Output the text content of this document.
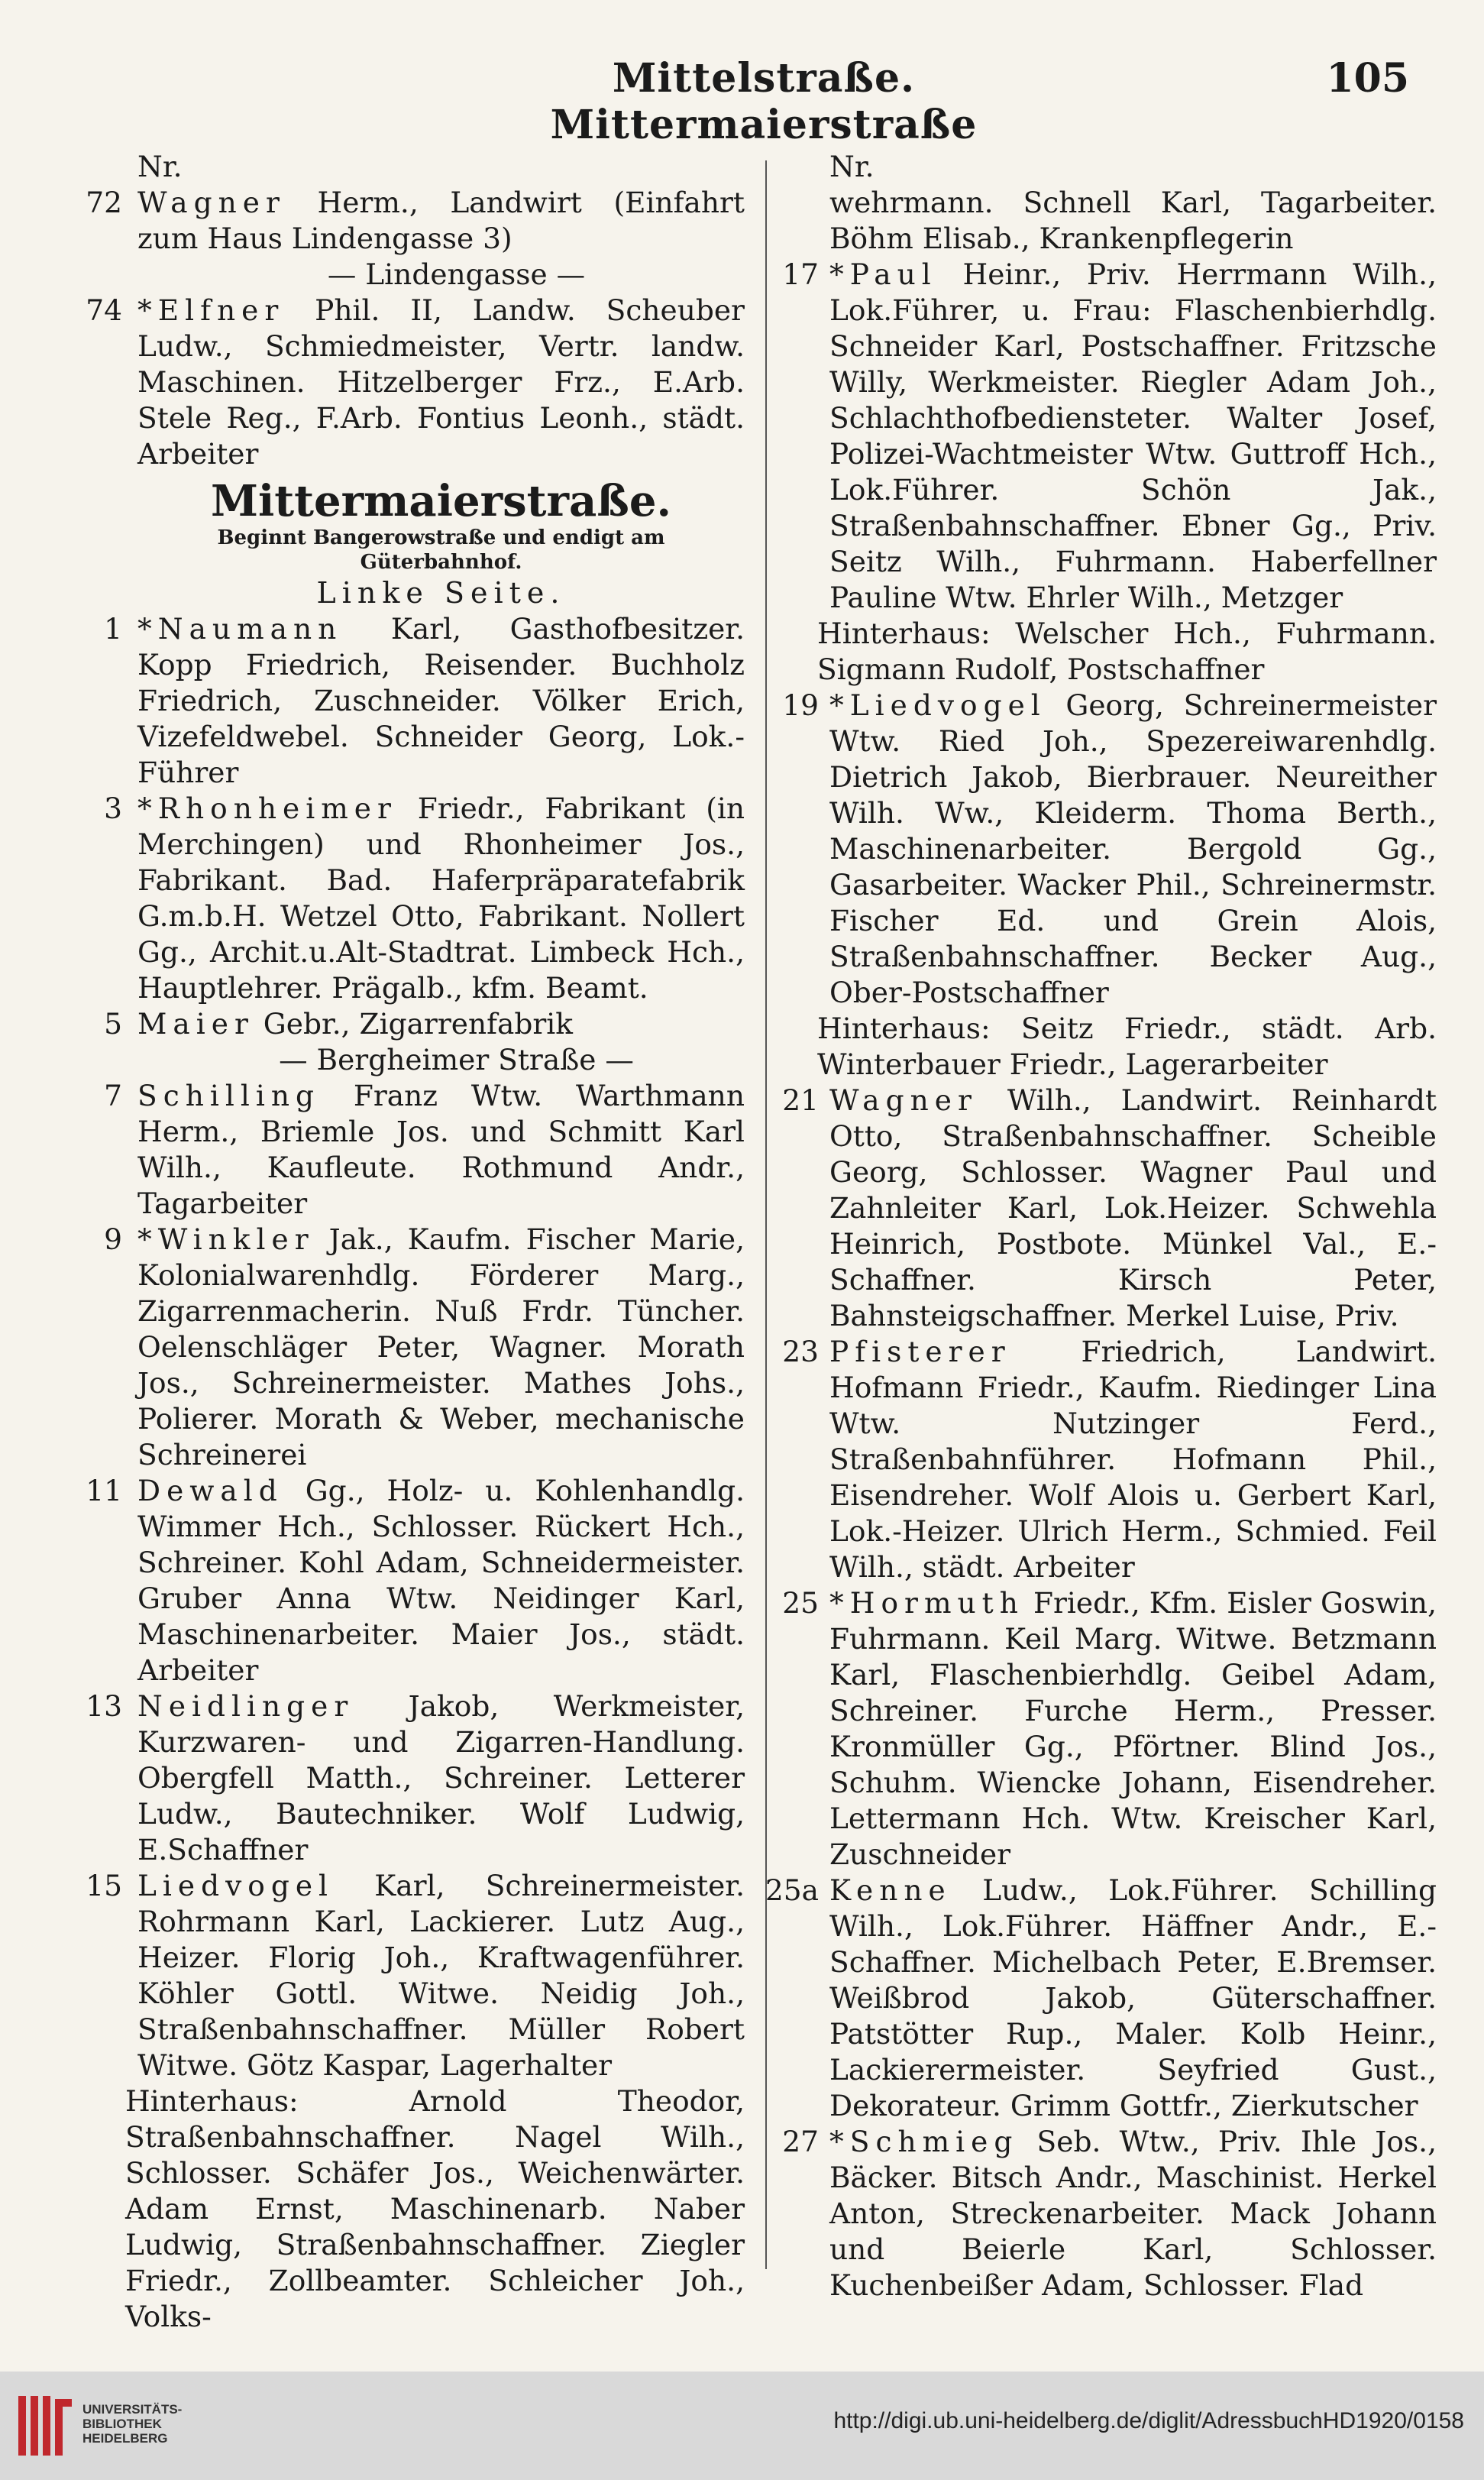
Mittelstraße. Mittermaierstraße
105
Nr.
72 Wagner Herm., Landwirt (Einfahrt zum Haus Lindengasse 3)
— Lindengasse —
74 *Elfner Phil. II, Landw. Scheuber Ludw., Schmiedmeister, Vertr. landw. Maschinen. Hitzelberger Frz., E.Arb. Stele Reg., F.Arb. Fontius Leonh., städt. Arbeiter
Mittermaierstraße.
Beginnt Bangerowstraße und endigt am
Güterbahnhof.
Linke Seite.
1 *Naumann Karl, Gasthofbesitzer. Kopp Friedrich, Reisender. Buchholz Friedrich, Zuschneider. Völker Erich, Vizefeldwebel. Schneider Georg, Lok.-Führer
3 *Rhonheimer Friedr., Fabrikant (in Merchingen) und Rhonheimer Jos., Fabrikant. Bad. Haferpräparatefabrik G.m.b.H. Wetzel Otto, Fabrikant. Nollert Gg., Archit.u.Alt-Stadtrat. Limbeck Hch., Hauptlehrer. Prägalb., kfm. Beamt.
5 Maier Gebr., Zigarrenfabrik
— Bergheimer Straße —
7 Schilling Franz Wtw. Warthmann Herm., Briemle Jos. und Schmitt Karl Wilh., Kaufleute. Rothmund Andr., Tagarbeiter
9 *Winkler Jak., Kaufm. Fischer Marie, Kolonialwarenhdlg. Förderer Marg., Zigarrenmacherin. Nuß Frdr. Tüncher. Oelenschläger Peter, Wagner. Morath Jos., Schreinermeister. Mathes Johs., Polierer. Morath & Weber, mechanische Schreinerei
11 Dewald Gg., Holz- u. Kohlenhandlg. Wimmer Hch., Schlosser. Rückert Hch., Schreiner. Kohl Adam, Schneidermeister. Gruber Anna Wtw. Neidinger Karl, Maschinenarbeiter. Maier Jos., städt. Arbeiter
13 Neidlinger Jakob, Werkmeister, Kurzwaren- und Zigarren-Handlung. Obergfell Matth., Schreiner. Letterer Ludw., Bautechniker. Wolf Ludwig, E.Schaffner
15 Liedvogel Karl, Schreinermeister. Rohrmann Karl, Lackierer. Lutz Aug., Heizer. Florig Joh., Kraftwagenführer. Köhler Gottl. Witwe. Neidig Joh., Straßenbahnschaffner. Müller Robert Witwe. Götz Kaspar, Lagerhalter
Hinterhaus: Arnold Theodor, Straßenbahnschaffner. Nagel Wilh., Schlosser. Schäfer Jos., Weichenwärter. Adam Ernst, Maschinenarb. Naber Ludwig, Straßenbahnschaffner. Ziegler Friedr., Zollbeamter. Schleicher Joh., Volks-
Nr.
wehrmann. Schnell Karl, Tagarbeiter. Böhm Elisab., Krankenpflegerin
17 *Paul Heinr., Priv. Herrmann Wilh., Lok.Führer, u. Frau: Flaschenbierhdlg. Schneider Karl, Postschaffner. Fritzsche Willy, Werkmeister. Riegler Adam Joh., Schlachthofbediensteter. Walter Josef, Polizei-Wachtmeister Wtw. Guttroff Hch., Lok.Führer. Schön Jak., Straßenbahnschaffner. Ebner Gg., Priv. Seitz Wilh., Fuhrmann. Haberfellner Pauline Wtw. Ehrler Wilh., Metzger
Hinterhaus: Welscher Hch., Fuhrmann. Sigmann Rudolf, Postschaffner
19 *Liedvogel Georg, Schreinermeister Wtw. Ried Joh., Spezereiwarenhdlg. Dietrich Jakob, Bierbrauer. Neureither Wilh. Ww., Kleiderm. Thoma Berth., Maschinenarbeiter. Bergold Gg., Gasarbeiter. Wacker Phil., Schreinermstr. Fischer Ed. und Grein Alois, Straßenbahnschaffner. Becker Aug., Ober-Postschaffner
Hinterhaus: Seitz Friedr., städt. Arb. Winterbauer Friedr., Lagerarbeiter
21 Wagner Wilh., Landwirt. Reinhardt Otto, Straßenbahnschaffner. Scheible Georg, Schlosser. Wagner Paul und Zahnleiter Karl, Lok.Heizer. Schwehla Heinrich, Postbote. Münkel Val., E.-Schaffner. Kirsch Peter, Bahnsteigschaffner. Merkel Luise, Priv.
23 Pfisterer Friedrich, Landwirt. Hofmann Friedr., Kaufm. Riedinger Lina Wtw. Nutzinger Ferd., Straßenbahnführer. Hofmann Phil., Eisendreher. Wolf Alois u. Gerbert Karl, Lok.-Heizer. Ulrich Herm., Schmied. Feil Wilh., städt. Arbeiter
25 *Hormuth Friedr., Kfm. Eisler Goswin, Fuhrmann. Keil Marg. Witwe. Betzmann Karl, Flaschenbierhdlg. Geibel Adam, Schreiner. Furche Herm., Presser. Kronmüller Gg., Pförtner. Blind Jos., Schuhm. Wiencke Johann, Eisendreher. Lettermann Hch. Wtw. Kreischer Karl, Zuschneider
25a Kenne Ludw., Lok.Führer. Schilling Wilh., Lok.Führer. Häffner Andr., E.-Schaffner. Michelbach Peter, E.Bremser. Weißbrod Jakob, Güterschaffner. Patstötter Rup., Maler. Kolb Heinr., Lackierermeister. Seyfried Gust., Dekorateur. Grimm Gottfr., Zierkutscher
27 *Schmieg Seb. Wtw., Priv. Ihle Jos., Bäcker. Bitsch Andr., Maschinist. Herkel Anton, Streckenarbeiter. Mack Johann und Beierle Karl, Schlosser. Kuchenbeißer Adam, Schlosser. Flad
UNIVERSITÄTS-
BIBLIOTHEK
HEIDELBERG
http://digi.ub.uni-heidelberg.de/diglit/AdressbuchHD1920/0158
